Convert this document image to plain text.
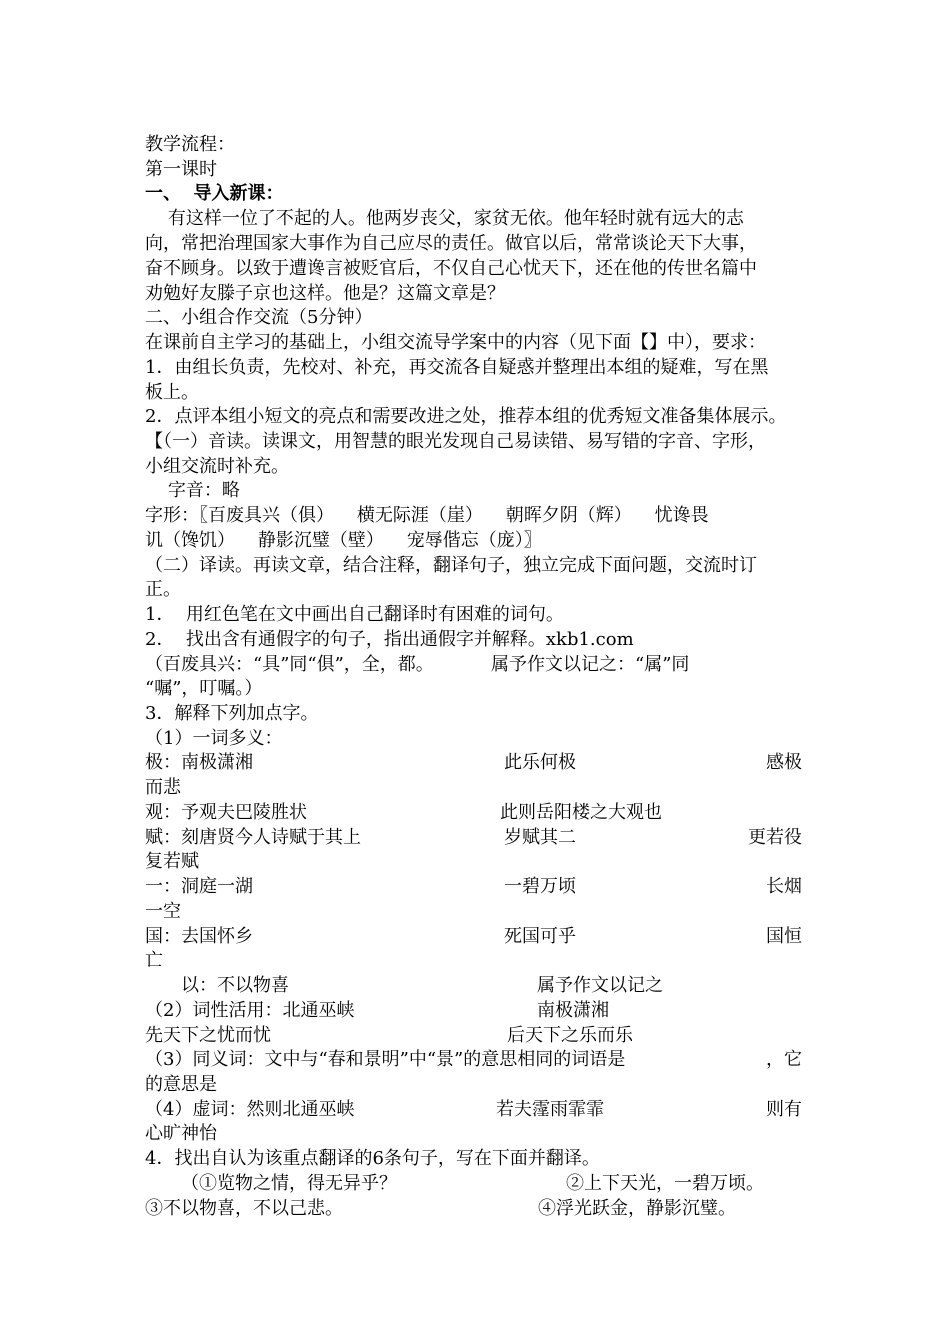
教学流程：
第一课时
一、  导入新课：
有这样一位了不起的人。他两岁丧父，家贫无依。他年轻时就有远大的志
向，常把治理国家大事作为自己应尽的责任。做官以后，常常谈论天下大事，
奋不顾身。以致于遭谗言被贬官后，不仅自己心忧天下，还在他的传世名篇中
劝勉好友滕子京也这样。他是？这篇文章是？
二、小组合作交流（5分钟）
在课前自主学习的基础上，小组交流导学案中的内容（见下面【】中），要求：
1．由组长负责，先校对、补充，再交流各自疑惑并整理出本组的疑难，写在黑
板上。
2．点评本组小短文的亮点和需要改进之处，推荐本组的优秀短文准备集体展示。
【（一）音读。读课文，用智慧的眼光发现自己易读错、易写错的字音、字形，
小组交流时补充。
字音：略
字形：〖百废具兴（俱）    横无际涯（崖）    朝晖夕阴（辉）    忧谗畏
讥（馋饥）    静影沉璧（壁）    宠辱偕忘（庞）〗
（二）译读。再读文章，结合注释，翻译句子，独立完成下面问题，交流时订
正。
1．  用红色笔在文中画出自己翻译时有困难的词句。
2．  找出含有通假字的句子，指出通假字并解释。xkb1.com
（百废具兴：“具”同“俱”，全，都。          属予作文以记之：“属”同
“嘱”，叮嘱。）
3．解释下列加点字。
（1）一词多义：
极：南极潇湘	此乐何极	感极
而悲
观：予观夫巴陵胜状	此则岳阳楼之大观也
赋：刻唐贤今人诗赋于其上	岁赋其二	更若役
复若赋
一：洞庭一湖	一碧万顷	长烟
一空
国：去国怀乡	死国可乎	国恒
亡
以：不以物喜	属予作文以记之
（2）词性活用：北通巫峡	南极潇湘
先天下之忧而忧	后天下之乐而乐
（3）同义词：文中与“春和景明”中“景”的意思相同的词语是	，它
的意思是
（4）虚词：然则北通巫峡	若夫霪雨霏霏	则有
心旷神怡
4．找出自认为该重点翻译的6条句子，写在下面并翻译。
（①览物之情，得无异乎？	②上下天光，一碧万顷。
③不以物喜，不以己悲。	④浮光跃金，静影沉璧。
